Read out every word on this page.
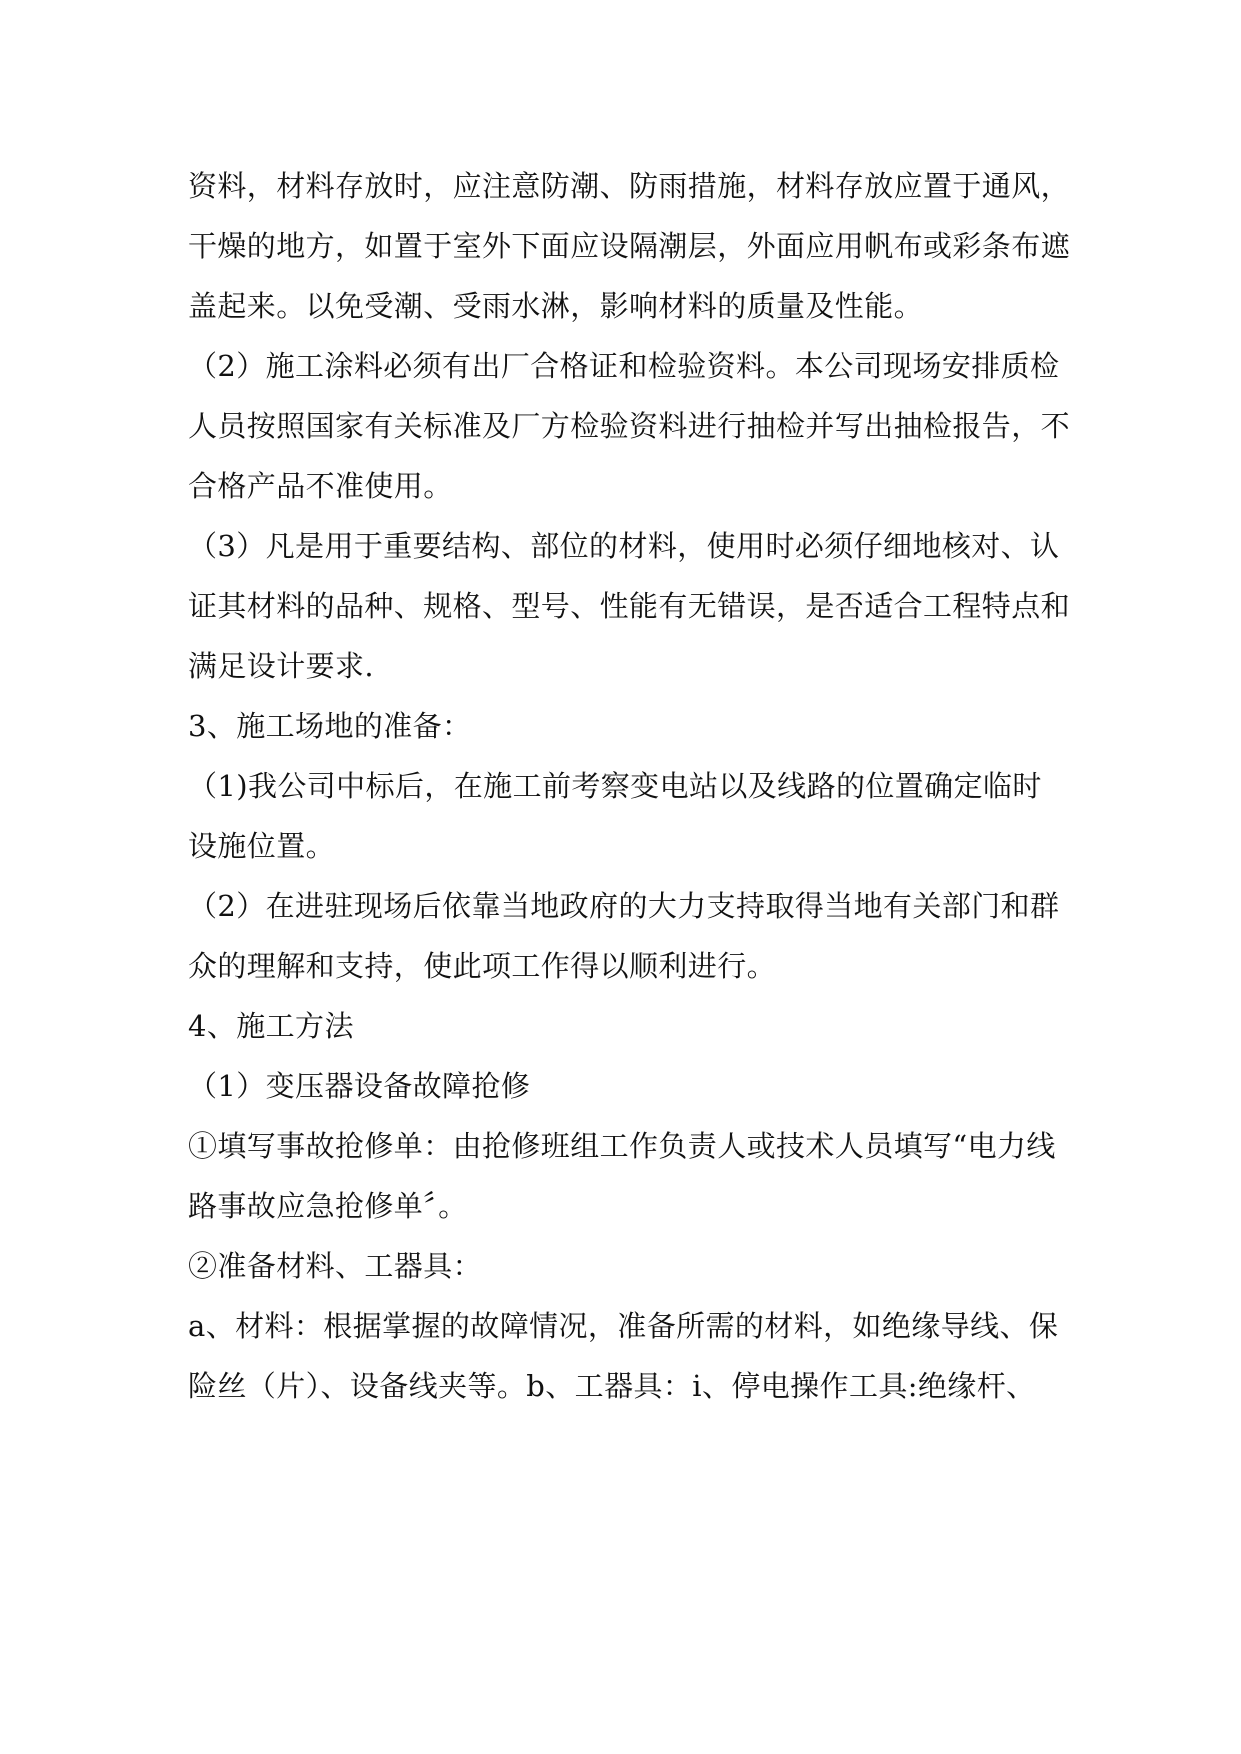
资料，材料存放时，应注意防潮、防雨措施，材料存放应置于通风，
干燥的地方，如置于室外下面应设隔潮层，外面应用帆布或彩条布遮
盖起来。以免受潮、受雨水淋，影响材料的质量及性能。
（2）施工涂料必须有出厂合格证和检验资料。本公司现场安排质检
人员按照国家有关标准及厂方检验资料进行抽检并写出抽检报告，不
合格产品不准使用。
（3）凡是用于重要结构、部位的材料，使用时必须仔细地核对、认
证其材料的品种、规格、型号、性能有无错误，是否适合工程特点和
满足设计要求.
3、施工场地的准备：
（1)我公司中标后，在施工前考察变电站以及线路的位置确定临时
设施位置。
（2）在进驻现场后依靠当地政府的大力支持取得当地有关部门和群
众的理解和支持，使此项工作得以顺利进行。
4、施工方法
（1）变压器设备故障抢修
①填写事故抢修单：由抢修班组工作负责人或技术人员填写“电力线
路事故应急抢修单〞。
②准备材料、工器具：
a、材料：根据掌握的故障情况，准备所需的材料，如绝缘导线、保
险丝（片）、设备线夹等。b、工器具：ⅰ、停电操作工具:绝缘杆、
